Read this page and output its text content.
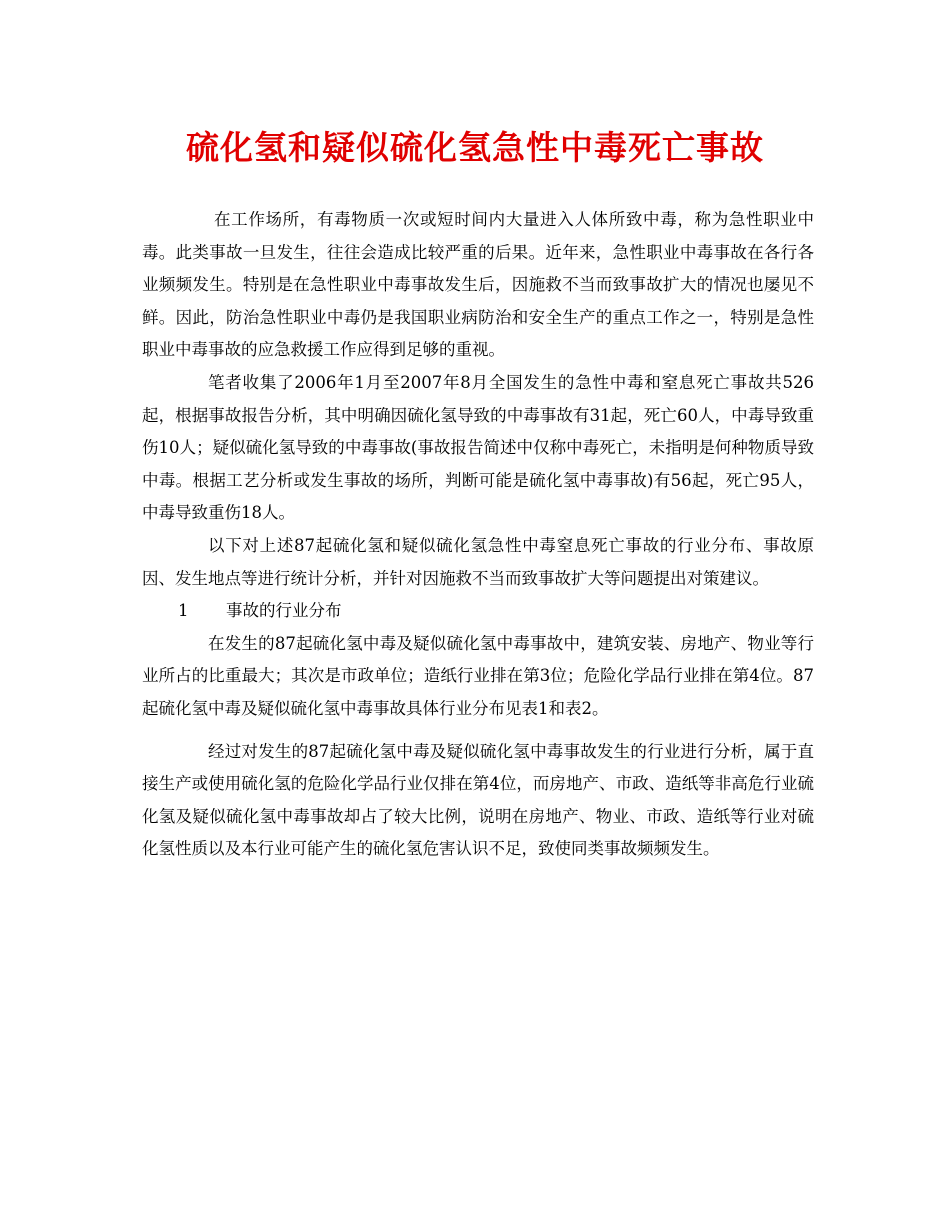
硫化氢和疑似硫化氢急性中毒死亡事故

在工作场所，有毒物质一次或短时间内大量进入人体所致中毒，称为急性职业中毒。此类事故一旦发生，往往会造成比较严重的后果。近年来，急性职业中毒事故在各行各业频频发生。特别是在急性职业中毒事故发生后，因施救不当而致事故扩大的情况也屡见不鲜。因此，防治急性职业中毒仍是我国职业病防治和安全生产的重点工作之一，特别是急性职业中毒事故的应急救援工作应得到足够的重视。

笔者收集了2006年1月至2007年8月全国发生的急性中毒和窒息死亡事故共526起，根据事故报告分析，其中明确因硫化氢导致的中毒事故有31起，死亡60人，中毒导致重伤10人；疑似硫化氢导致的中毒事故(事故报告简述中仅称中毒死亡，未指明是何种物质导致中毒。根据工艺分析或发生事故的场所，判断可能是硫化氢中毒事故)有56起，死亡95人，中毒导致重伤18人。

以下对上述87起硫化氢和疑似硫化氢急性中毒窒息死亡事故的行业分布、事故原因、发生地点等进行统计分析，并针对因施救不当而致事故扩大等问题提出对策建议。

1 事故的行业分布

在发生的87起硫化氢中毒及疑似硫化氢中毒事故中，建筑安装、房地产、物业等行业所占的比重最大；其次是市政单位；造纸行业排在第3位；危险化学品行业排在第4位。87起硫化氢中毒及疑似硫化氢中毒事故具体行业分布见表1和表2。

经过对发生的87起硫化氢中毒及疑似硫化氢中毒事故发生的行业进行分析，属于直接生产或使用硫化氢的危险化学品行业仅排在第4位，而房地产、市政、造纸等非高危行业硫化氢及疑似硫化氢中毒事故却占了较大比例，说明在房地产、物业、市政、造纸等行业对硫化氢性质以及本行业可能产生的硫化氢危害认识不足，致使同类事故频频发生。
